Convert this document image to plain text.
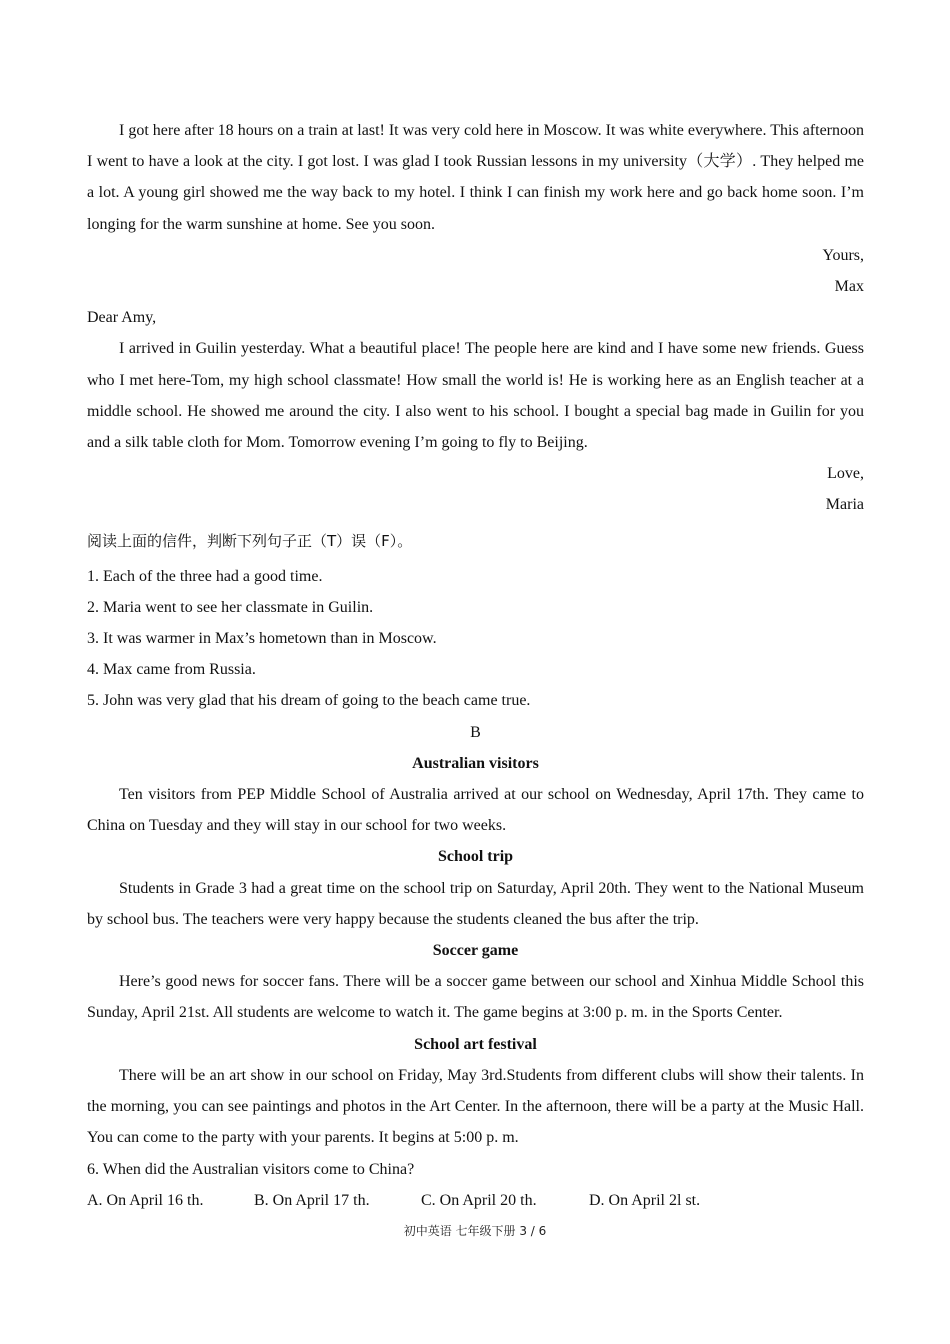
I got here after 18 hours on a train at last! It was very cold here in Moscow. It was white everywhere. This afternoon I went to have a look at the city. I got lost. I was glad I took Russian lessons in my university（大学）. They helped me a lot. A young girl showed me the way back to my hotel. I think I can finish my work here and go back home soon. I’m longing for the warm sunshine at home. See you soon.

Yours,

Max

Dear Amy,

I arrived in Guilin yesterday. What a beautiful place! The people here are kind and I have some new friends. Guess who I met here-Tom, my high school classmate! How small the world is! He is working here as an English teacher at a middle school. He showed me around the city. I also went to his school. I bought a special bag made in Guilin for you and a silk table cloth for Mom. Tomorrow evening I’m going to fly to Beijing.

Love,

Maria

阅读上面的信件，判断下列句子正（T）误（F）。

1. Each of the three had a good time.

2. Maria went to see her classmate in Guilin.

3. It was warmer in Max’s hometown than in Moscow.

4. Max came from Russia.

5. John was very glad that his dream of going to the beach came true.

B

Australian visitors

Ten visitors from PEP Middle School of Australia arrived at our school on Wednesday, April 17th. They came to China on Tuesday and they will stay in our school for two weeks.

School trip

Students in Grade 3 had a great time on the school trip on Saturday, April 20th. They went to the National Museum by school bus. The teachers were very happy because the students cleaned the bus after the trip.

Soccer game

Here’s good news for soccer fans. There will be a soccer game between our school and Xinhua Middle School this Sunday, April 21st. All students are welcome to watch it. The game begins at 3:00 p. m. in the Sports Center.

School art festival

There will be an art show in our school on Friday, May 3rd.Students from different clubs will show their talents. In the morning, you can see paintings and photos in the Art Center. In the afternoon, there will be a party at the Music Hall. You can come to the party with your parents. It begins at 5:00 p. m.

6. When did the Australian visitors come to China?

A. On April 16 th.	B. On April 17 th.	C. On April 20 th.	D. On April 2l st.
初中英语 七年级下册 3 / 6
